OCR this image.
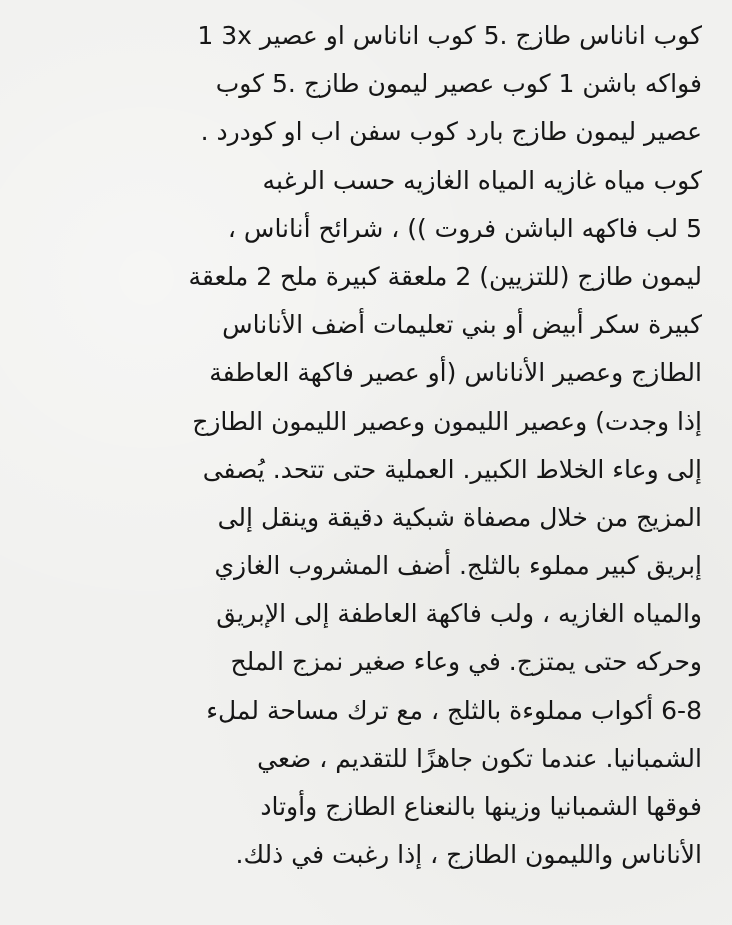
1 3x كوب اناناس طازج .5 كوب اناناس او عصير
فواكه باشن 1 كوب عصير ليمون طازج .5 كوب
عصير ليمون طازج بارد كوب سفن اب او كودرد .
كوب مياه غازيه المياه الغازيه حسب الرغبه
5 لب فاكهه الباشن فروت )) ، شرائح أناناس ،
ليمون طازج (للتزيين) 2 ملعقة كبيرة ملح 2 ملعقة
كبيرة سكر أبيض أو بني تعليمات أضف الأناناس
الطازج وعصير الأناناس (أو عصير فاكهة العاطفة
إذا وجدت) وعصير الليمون وعصير الليمون الطازج
إلى وعاء الخلاط الكبير. العملية حتى تتحد. يُصفى
المزيج من خلال مصفاة شبكية دقيقة وينقل إلى
إبريق كبير مملوء بالثلج. أضف المشروب الغازي
والمياه الغازيه ، ولب فاكهة العاطفة إلى الإبريق
وحركه حتى يمتزج. في وعاء صغير نمزج الملح
6-8 أكواب مملوءة بالثلج ، مع ترك مساحة لملء
الشمبانيا. عندما تكون جاهزًا للتقديم ، ضعي
فوقها الشمبانيا وزينها بالنعناع الطازج وأوتاد
الأناناس والليمون الطازج ، إذا رغبت في ذلك.
